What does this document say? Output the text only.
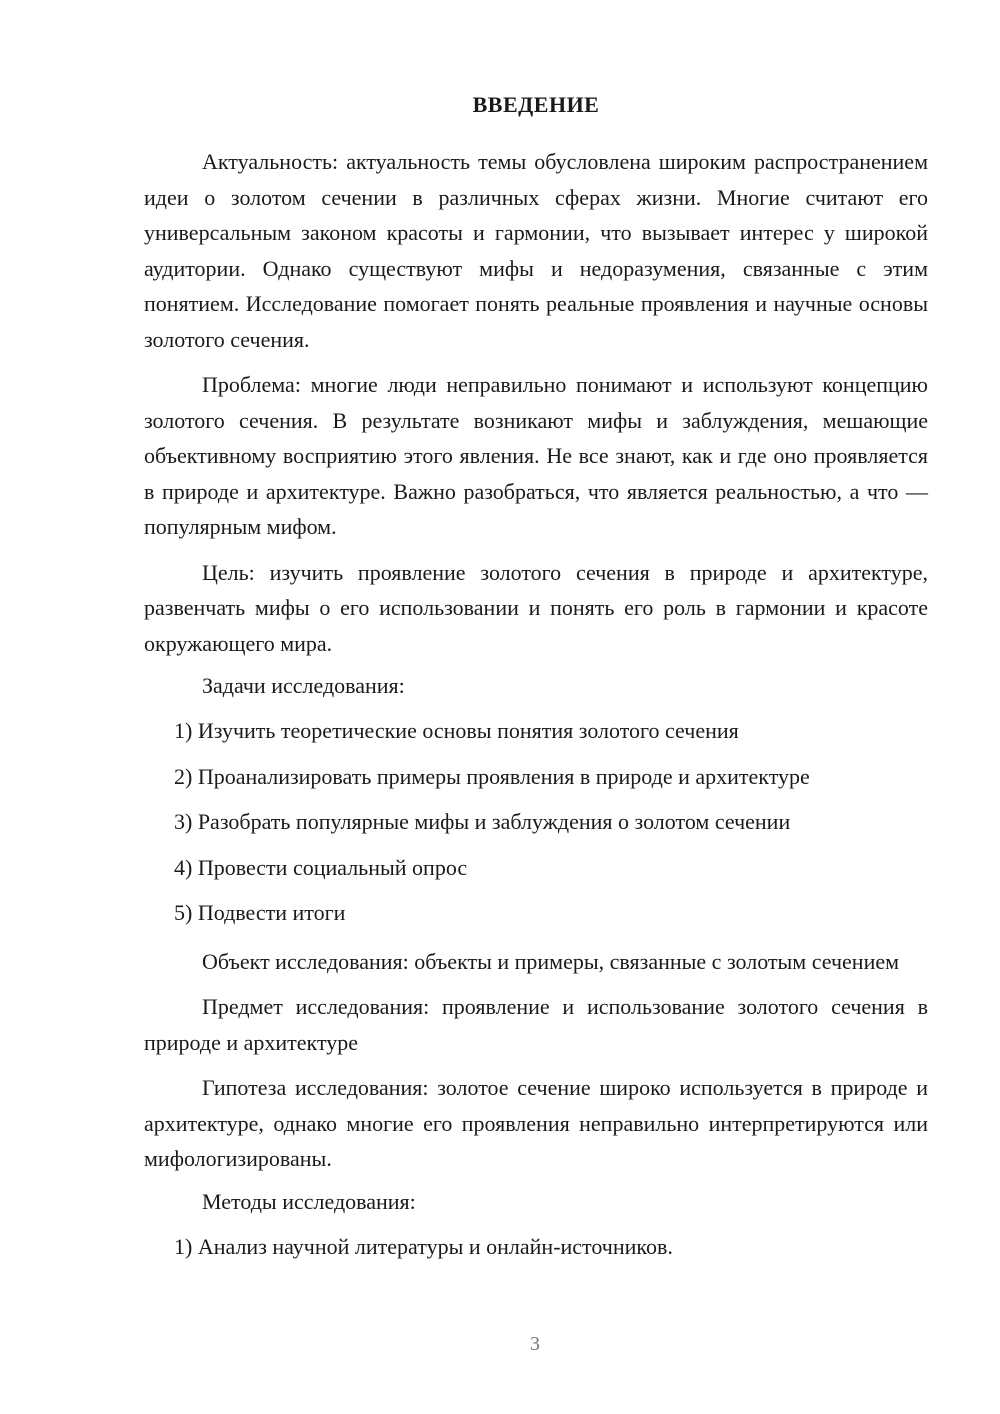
ВВЕДЕНИЕ

Актуальность: актуальность темы обусловлена широким распространением идеи о золотом сечении в различных сферах жизни. Многие считают его универсальным законом красоты и гармонии, что вызывает интерес у широкой аудитории. Однако существуют мифы и недоразумения, связанные с этим понятием. Исследование помогает понять реальные проявления и научные основы золотого сечения.

Проблема: многие люди неправильно понимают и используют концепцию золотого сечения. В результате возникают мифы и заблуждения, мешающие объективному восприятию этого явления. Не все знают, как и где оно проявляется в природе и архитектуре. Важно разобраться, что является реальностью, а что — популярным мифом.

Цель: изучить проявление золотого сечения в природе и архитектуре, развенчать мифы о его использовании и понять его роль в гармонии и красоте окружающего мира.

Задачи исследования:
1) Изучить теоретические основы понятия золотого сечения
2) Проанализировать примеры проявления в природе и архитектуре
3) Разобрать популярные мифы и заблуждения о золотом сечении
4) Провести социальный опрос
5) Подвести итоги

Объект исследования: объекты и примеры, связанные с золотым сечением

Предмет исследования: проявление и использование золотого сечения в природе и архитектуре

Гипотеза исследования: золотое сечение широко используется в природе и архитектуре, однако многие его проявления неправильно интерпретируются или мифологизированы.

Методы исследования:
1) Анализ научной литературы и онлайн-источников.
3
